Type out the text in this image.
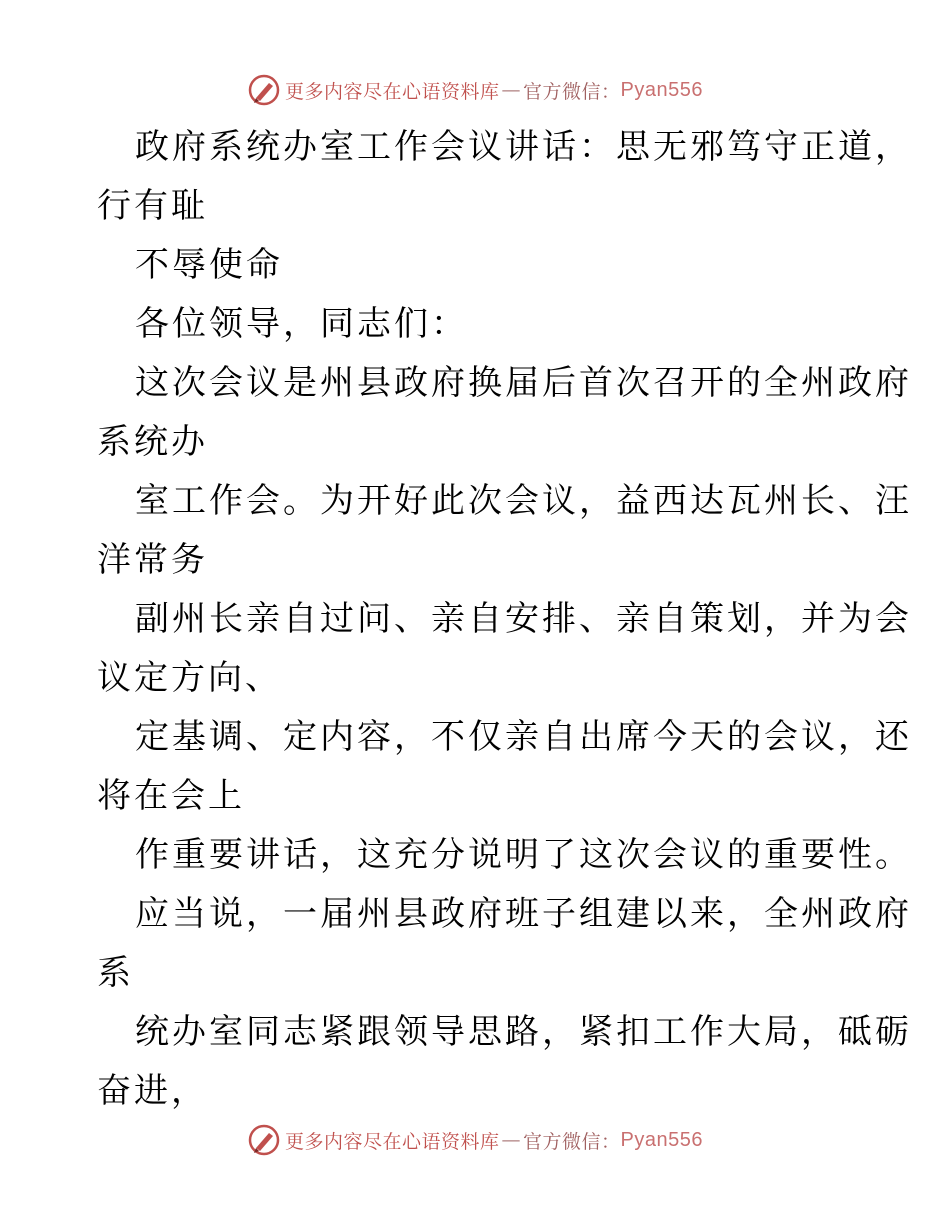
更多内容尽在心语资料库 — 官方微信： Pyan556
政府系统办室工作会议讲话：思无邪笃守正道，
行有耻
不辱使命
各位领导，同志们：
这次会议是州县政府换届后首次召开的全州政府
系统办
室工作会。为开好此次会议，益西达瓦州长、汪
洋常务
副州长亲自过问、亲自安排、亲自策划，并为会
议定方向、
定基调、定内容，不仅亲自出席今天的会议，还
将在会上
作重要讲话，这充分说明了这次会议的重要性。
应当说，一届州县政府班子组建以来，全州政府
系
统办室同志紧跟领导思路，紧扣工作大局，砥砺
奋进，
更多内容尽在心语资料库 — 官方微信： Pyan556
